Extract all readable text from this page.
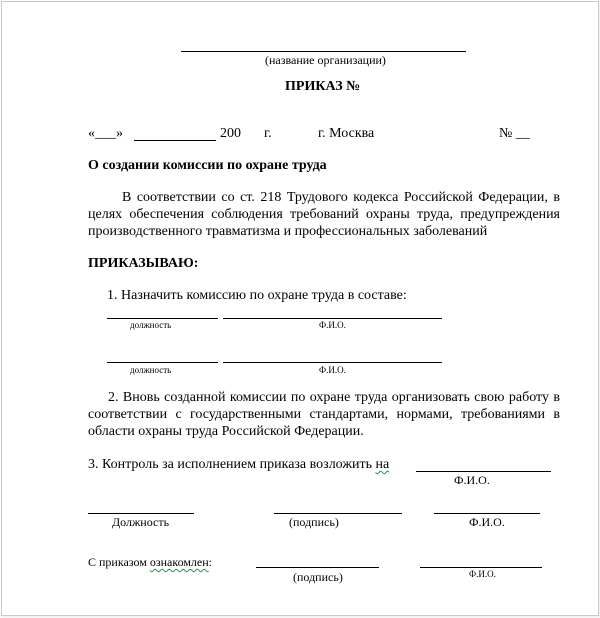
(название организации)
ПРИКАЗ №
«___»	200 г.	г. Москва	№ __
О создании комиссии по охране труда
В соответствии со ст. 218 Трудового кодекса Российской Федерации, в целях обеспечения соблюдения требований охраны труда, предупреждения производственного травматизма и профессиональных заболеваний
ПРИКАЗЫВАЮ:
1. Назначить комиссию по охране труда в составе:
должность	Ф.И.О.
должность	Ф.И.О.
2. Вновь созданной комиссии по охране труда организовать свою работу в соответствии с государственными стандартами, нормами, требованиями в области охраны труда Российской Федерации.
3. Контроль за исполнением приказа возложить на
Ф.И.О.
Должность	(подпись)	Ф.И.О.
С приказом ознакомлен:
(подпись)	Ф.И.О.
